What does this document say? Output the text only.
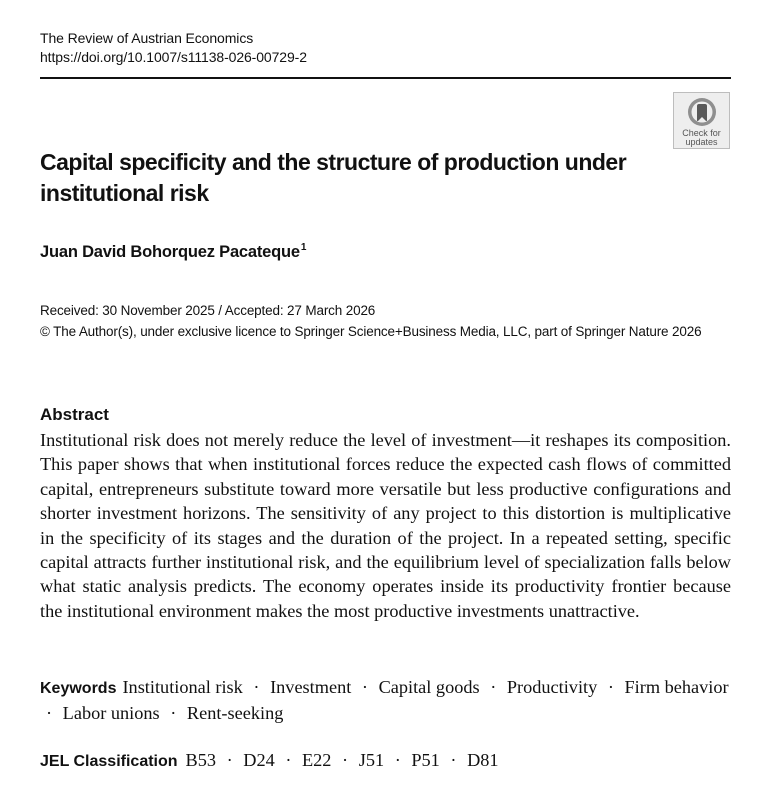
The Review of Austrian Economics
https://doi.org/10.1007/s11138-026-00729-2
Check for
updates
Capital specificity and the structure of production under institutional risk
Juan David Bohorquez Pacateque$^1$
Received: 30 November 2025 / Accepted: 27 March 2026
© The Author(s), under exclusive licence to Springer Science+Business Media, LLC, part of Springer Nature 2026
Abstract

Institutional risk does not merely reduce the level of investment—it reshapes its composition. This paper shows that when institutional forces reduce the expected cash flows of committed capital, entrepreneurs substitute toward more versatile but less productive configurations and shorter investment horizons. The sensitivity of any project to this distortion is multiplicative in the specificity of its stages and the duration of the project. In a repeated setting, specific capital attracts further institutional risk, and the equilibrium level of specialization falls below what static analysis predicts. The economy operates inside its productivity frontier because the institutional environment makes the most productive investments unattractive.

Keywords Institutional risk · Investment · Capital goods · Productivity · Firm behavior · Labor unions · Rent-seeking
JEL Classification B53 · D24 · E22 · J51 · P51 · D81
